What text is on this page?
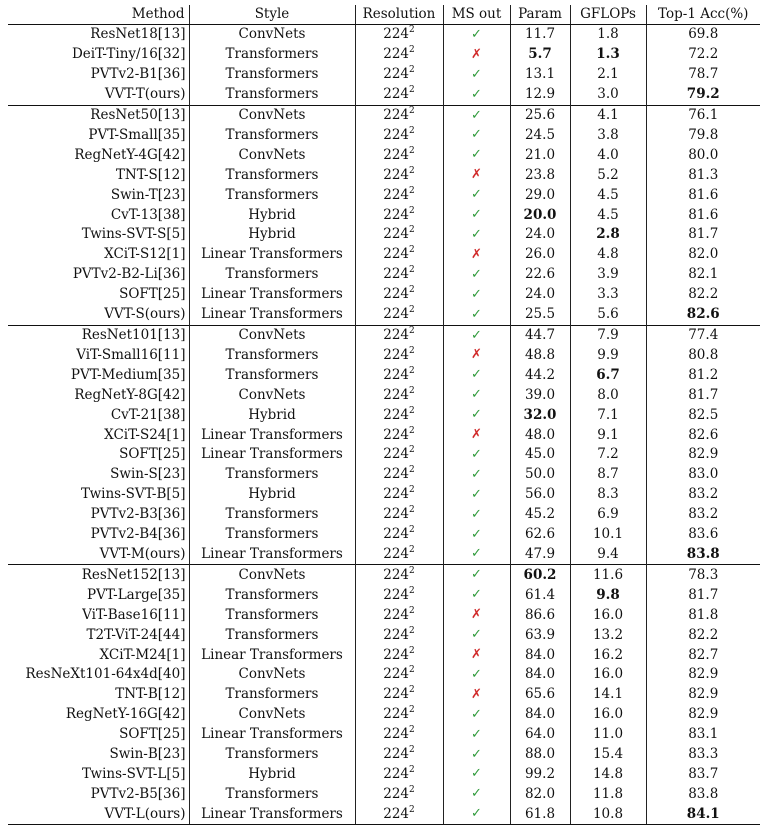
Method	Style	Resolution	MS out	Param	GFLOPs	Top-1 Acc(%)
ResNet18[13]	ConvNets	$224^2$	✓	11.7	1.8	69.8
DeiT-Tiny/16[32]	Transformers	$224^2$	✗	5.7	1.3	72.2
PVTv2-B1[36]	Transformers	$224^2$	✓	13.1	2.1	78.7
VVT-T(ours)	Transformers	$224^2$	✓	12.9	3.0	79.2
ResNet50[13]	ConvNets	$224^2$	✓	25.6	4.1	76.1
PVT-Small[35]	Transformers	$224^2$	✓	24.5	3.8	79.8
RegNetY-4G[42]	ConvNets	$224^2$	✓	21.0	4.0	80.0
TNT-S[12]	Transformers	$224^2$	✗	23.8	5.2	81.3
Swin-T[23]	Transformers	$224^2$	✓	29.0	4.5	81.6
CvT-13[38]	Hybrid	$224^2$	✓	20.0	4.5	81.6
Twins-SVT-S[5]	Hybrid	$224^2$	✓	24.0	2.8	81.7
XCiT-S12[1]	Linear Transformers	$224^2$	✗	26.0	4.8	82.0
PVTv2-B2-Li[36]	Transformers	$224^2$	✓	22.6	3.9	82.1
SOFT[25]	Linear Transformers	$224^2$	✓	24.0	3.3	82.2
VVT-S(ours)	Linear Transformers	$224^2$	✓	25.5	5.6	82.6
ResNet101[13]	ConvNets	$224^2$	✓	44.7	7.9	77.4
ViT-Small16[11]	Transformers	$224^2$	✗	48.8	9.9	80.8
PVT-Medium[35]	Transformers	$224^2$	✓	44.2	6.7	81.2
RegNetY-8G[42]	ConvNets	$224^2$	✓	39.0	8.0	81.7
CvT-21[38]	Hybrid	$224^2$	✓	32.0	7.1	82.5
XCiT-S24[1]	Linear Transformers	$224^2$	✗	48.0	9.1	82.6
SOFT[25]	Linear Transformers	$224^2$	✓	45.0	7.2	82.9
Swin-S[23]	Transformers	$224^2$	✓	50.0	8.7	83.0
Twins-SVT-B[5]	Hybrid	$224^2$	✓	56.0	8.3	83.2
PVTv2-B3[36]	Transformers	$224^2$	✓	45.2	6.9	83.2
PVTv2-B4[36]	Transformers	$224^2$	✓	62.6	10.1	83.6
VVT-M(ours)	Linear Transformers	$224^2$	✓	47.9	9.4	83.8
ResNet152[13]	ConvNets	$224^2$	✓	60.2	11.6	78.3
PVT-Large[35]	Transformers	$224^2$	✓	61.4	9.8	81.7
ViT-Base16[11]	Transformers	$224^2$	✗	86.6	16.0	81.8
T2T-ViT-24[44]	Transformers	$224^2$	✓	63.9	13.2	82.2
XCiT-M24[1]	Linear Transformers	$224^2$	✗	84.0	16.2	82.7
ResNeXt101-64x4d[40]	ConvNets	$224^2$	✓	84.0	16.0	82.9
TNT-B[12]	Transformers	$224^2$	✗	65.6	14.1	82.9
RegNetY-16G[42]	ConvNets	$224^2$	✓	84.0	16.0	82.9
SOFT[25]	Linear Transformers	$224^2$	✓	64.0	11.0	83.1
Swin-B[23]	Transformers	$224^2$	✓	88.0	15.4	83.3
Twins-SVT-L[5]	Hybrid	$224^2$	✓	99.2	14.8	83.7
PVTv2-B5[36]	Transformers	$224^2$	✓	82.0	11.8	83.8
VVT-L(ours)	Linear Transformers	$224^2$	✓	61.8	10.8	84.1
